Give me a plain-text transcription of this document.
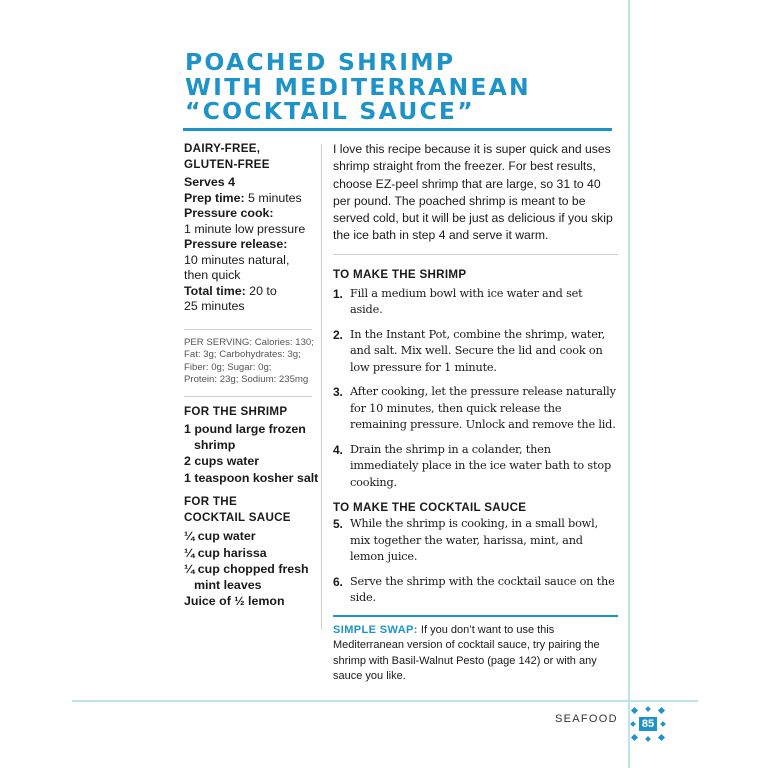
POACHED SHRIMP
WITH MEDITERRANEAN
“COCKTAIL SAUCE”
DAIRY-FREE,
GLUTEN-FREE
Serves 4
Prep time: 5 minutes
Pressure cook:
1 minute low pressure
Pressure release:
10 minutes natural,
then quick
Total time: 20 to
25 minutes
PER SERVING: Calories: 130;
Fat: 3g; Carbohydrates: 3g;
Fiber: 0g; Sugar: 0g;
Protein: 23g; Sodium: 235mg
FOR THE SHRIMP
1 pound large frozen
shrimp
2 cups water
1 teaspoon kosher salt
FOR THE
COCKTAIL SAUCE
¼ cup water
¼ cup harissa
¼ cup chopped fresh
mint leaves
Juice of ½ lemon

I love this recipe because it is super quick and uses shrimp straight from the freezer. For best results, choose EZ-peel shrimp that are large, so 31 to 40 per pound. The poached shrimp is meant to be served cold, but it will be just as delicious if you skip the ice bath in step 4 and serve it warm.

TO MAKE THE SHRIMP
1. Fill a medium bowl with ice water and set aside.
2. In the Instant Pot, combine the shrimp, water, and salt. Mix well. Secure the lid and cook on low pressure for 1 minute.
3. After cooking, let the pressure release naturally for 10 minutes, then quick release the remaining pressure. Unlock and remove the lid.
4. Drain the shrimp in a colander, then immediately place in the ice water bath to stop cooking.
TO MAKE THE COCKTAIL SAUCE
5. While the shrimp is cooking, in a small bowl, mix together the water, harissa, mint, and lemon juice.
6. Serve the shrimp with the cocktail sauce on the side.
SIMPLE SWAP: If you don’t want to use this Mediterranean version of cocktail sauce, try pairing the shrimp with Basil-Walnut Pesto (page 142) or with any sauce you like.
SEAFOOD 85
